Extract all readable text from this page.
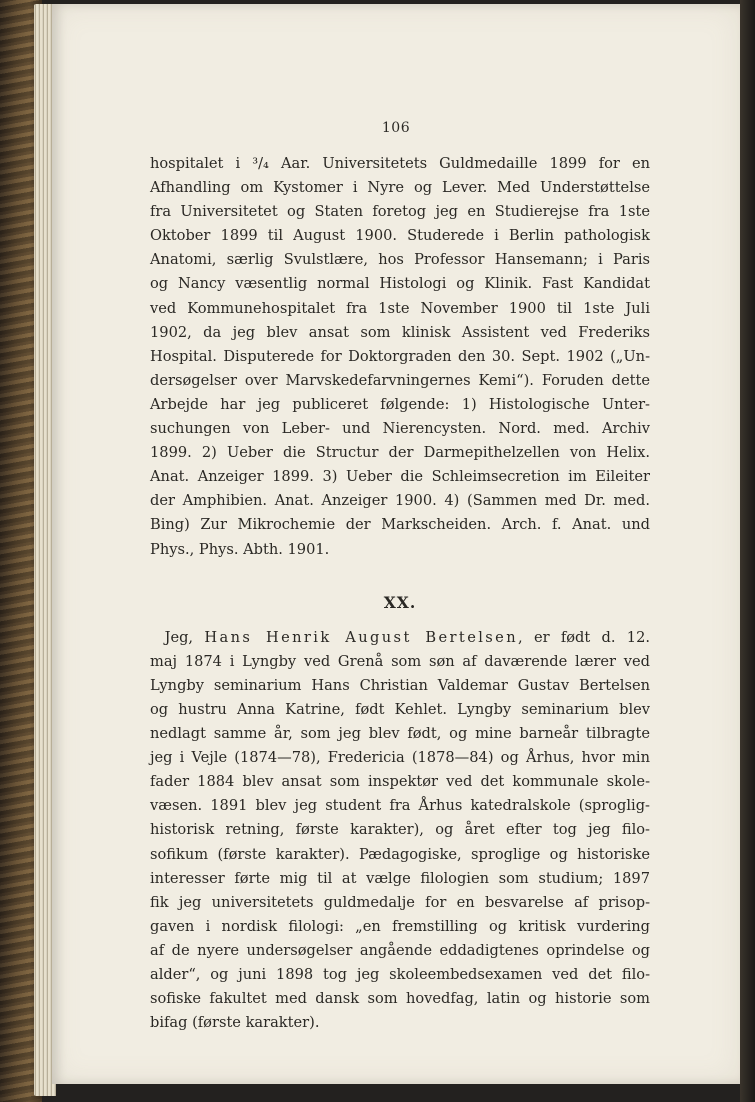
106

hospitalet i ³/₄ Aar. Universitetets Guldmedaille 1899 for en
Afhandling om Kystomer i Nyre og Lever. Med Understøttelse
fra Universitetet og Staten foretog jeg en Studierejse fra 1ste
Oktober 1899 til August 1900. Studerede i Berlin pathologisk
Anatomi, særlig Svulstlære, hos Professor Hansemann; i Paris
og Nancy væsentlig normal Histologi og Klinik. Fast Kandidat
ved Kommunehospitalet fra 1ste November 1900 til 1ste Juli
1902, da jeg blev ansat som klinisk Assistent ved Frederiks
Hospital. Disputerede for Doktorgraden den 30. Sept. 1902 („Un-
dersøgelser over Marvskedefarvningernes Kemi“). Foruden dette
Arbejde har jeg publiceret følgende: 1) Histologische Unter-
suchungen von Leber- und Nierencysten. Nord. med. Archiv
1899. 2) Ueber die Structur der Darmepithelzellen von Helix.
Anat. Anzeiger 1899. 3) Ueber die Schleimsecretion im Eileiter
der Amphibien. Anat. Anzeiger 1900. 4) (Sammen med Dr. med.
Bing) Zur Mikrochemie der Markscheiden. Arch. f. Anat. und
Phys., Phys. Abth. 1901.

XX.

 Jeg, Hans Henrik August Bertelsen, er født d. 12.
maj 1874 i Lyngby ved Grenå som søn af daværende lærer ved
Lyngby seminarium Hans Christian Valdemar Gustav Bertelsen
og hustru Anna Katrine, født Kehlet. Lyngby seminarium blev
nedlagt samme år, som jeg blev født, og mine barneår tilbragte
jeg i Vejle (1874—78), Fredericia (1878—84) og Århus, hvor min
fader 1884 blev ansat som inspektør ved det kommunale skole-
væsen. 1891 blev jeg student fra Århus katedralskole (sproglig-
historisk retning, første karakter), og året efter tog jeg filo-
sofikum (første karakter). Pædagogiske, sproglige og historiske
interesser førte mig til at vælge filologien som studium; 1897
fik jeg universitetets guldmedalje for en besvarelse af prisop-
gaven i nordisk filologi: „en fremstilling og kritisk vurdering
af de nyere undersøgelser angående eddadigtenes oprindelse og
alder“, og juni 1898 tog jeg skoleembedsexamen ved det filo-
sofiske fakultet med dansk som hovedfag, latin og historie som
bifag (første karakter).
